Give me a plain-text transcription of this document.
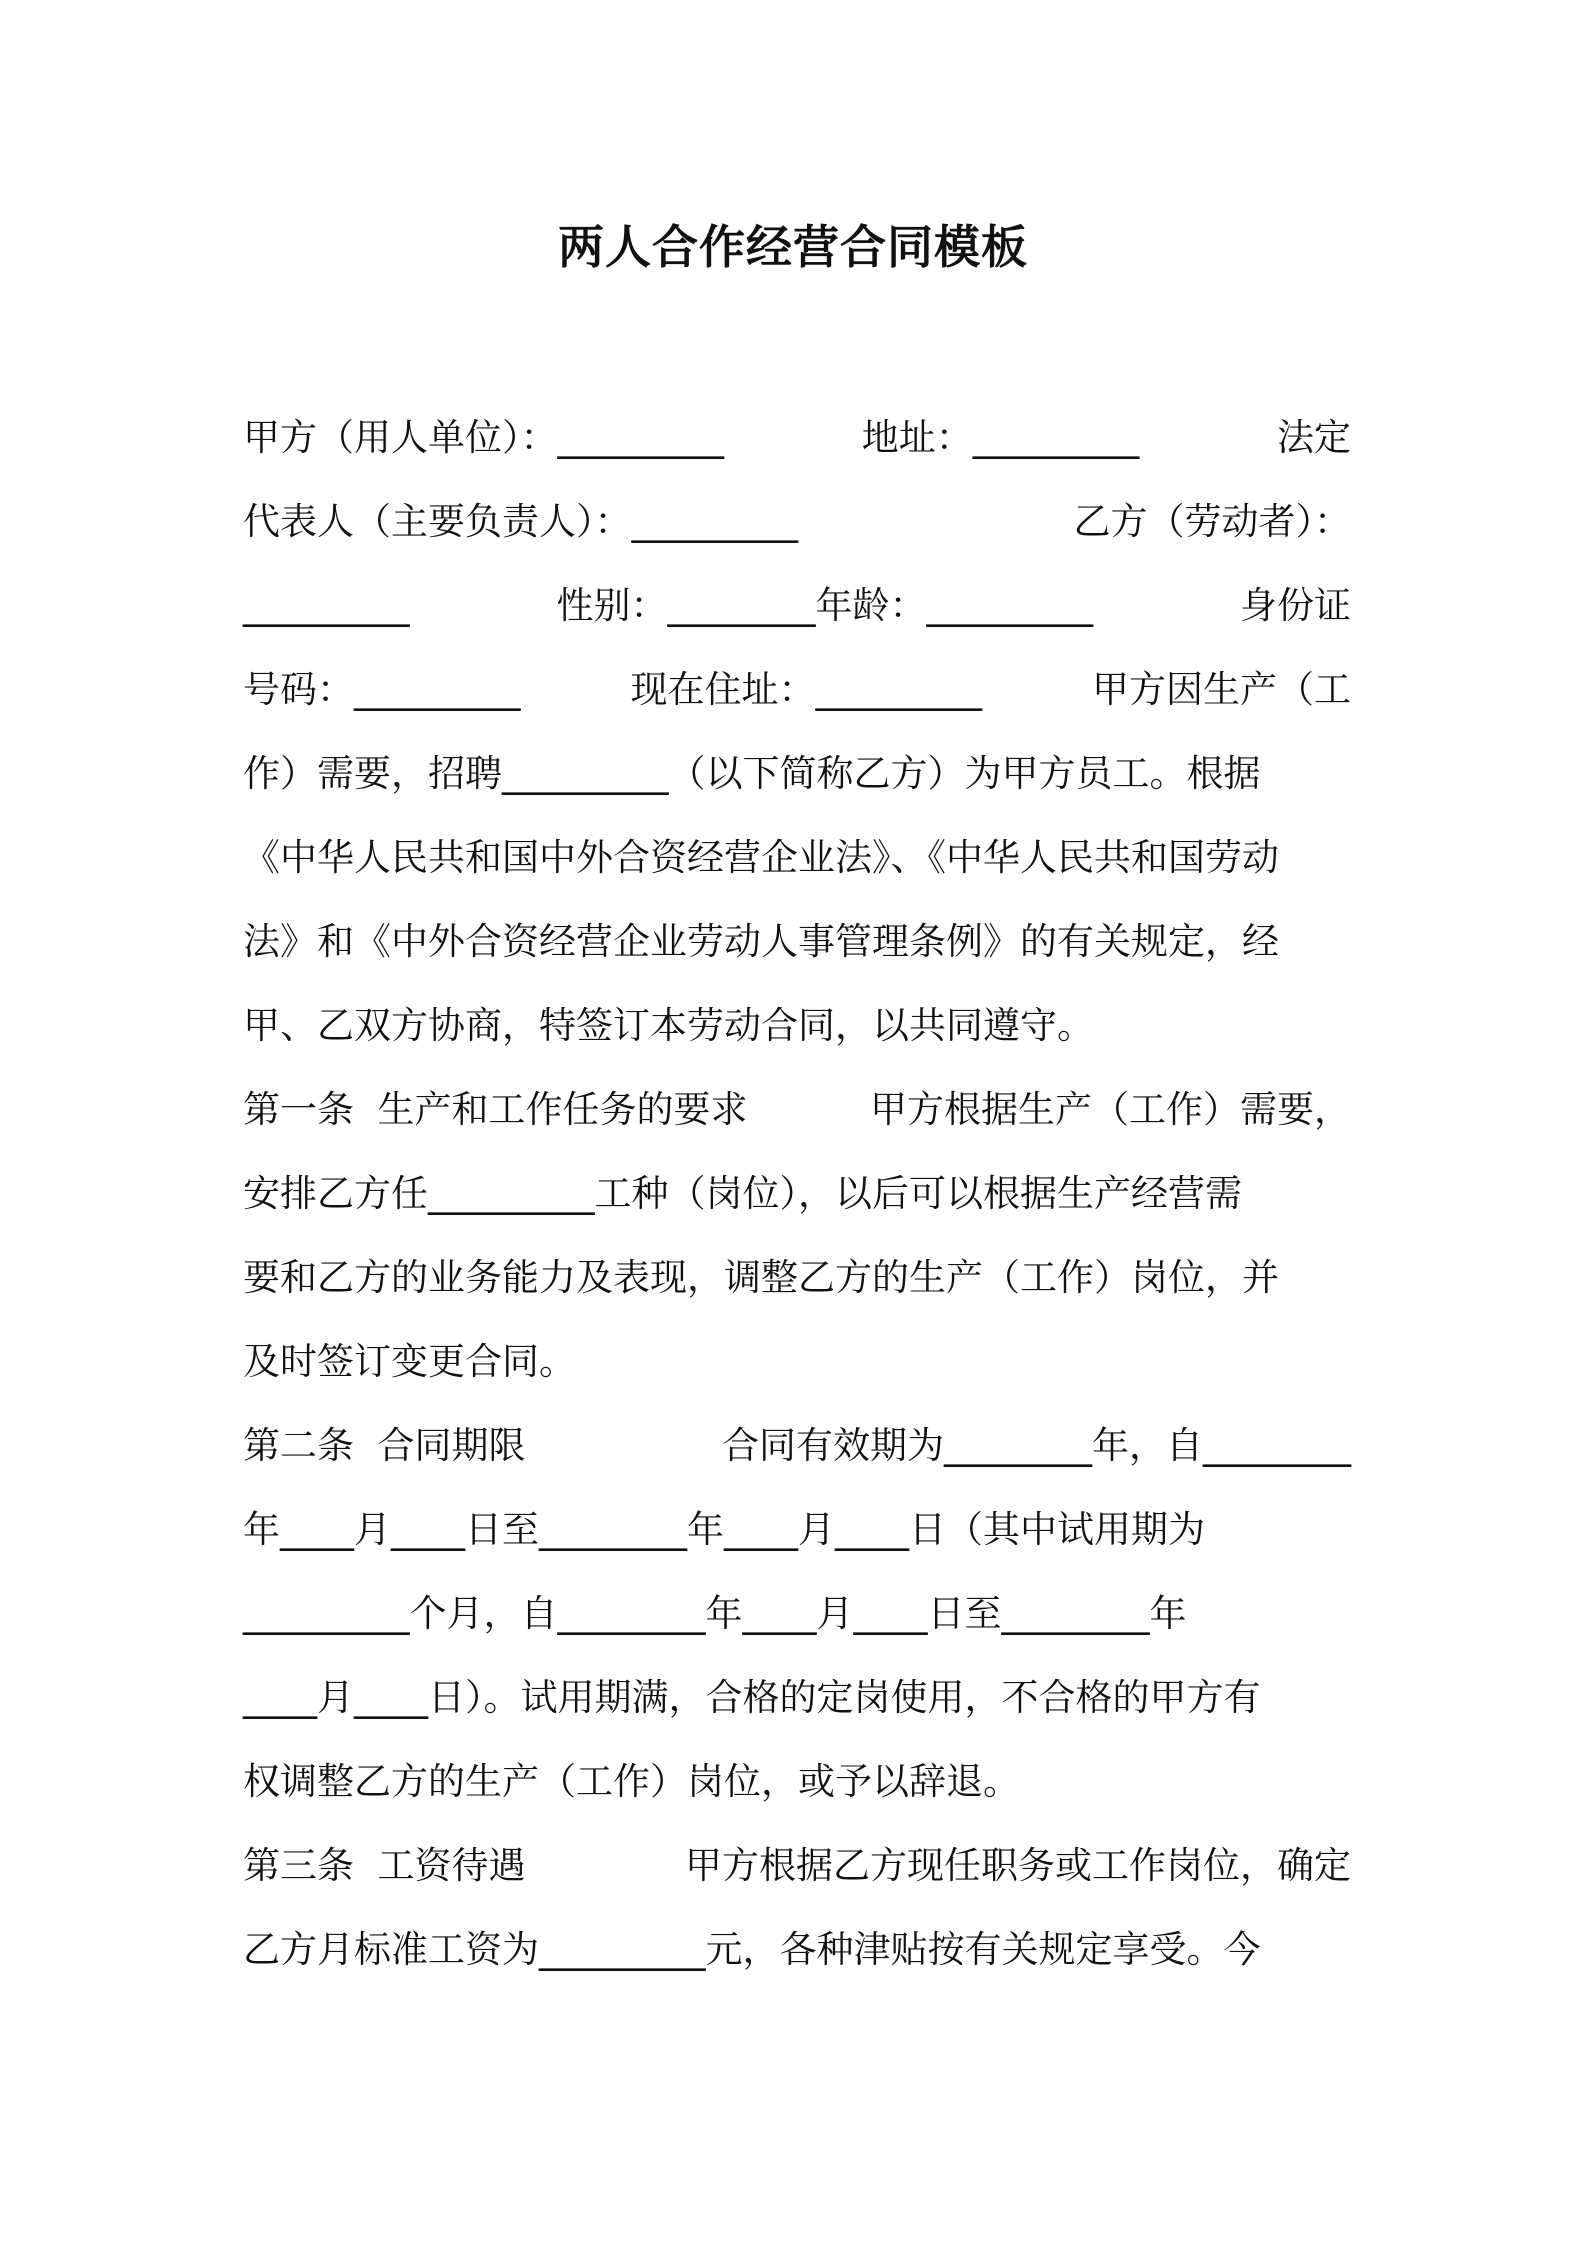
两人合作经营合同模板
甲方（用人单位）：_________	地址：_________	法定
代表人（主要负责人）：_________	乙方（劳动者）：
_________	性别：________年龄：_________	身份证
号码：_________	现在住址：_________	甲方因生产（工
作）需要，招聘_________（以下简称乙方）为甲方员工。根据
《中华人民共和国中外合资经营企业法》、《中华人民共和国劳动
法》和《中外合资经营企业劳动人事管理条例》的有关规定，经
甲、乙双方协商，特签订本劳动合同，以共同遵守。
第一条  生产和工作任务的要求	甲方根据生产（工作）需要，
安排乙方任_________工种（岗位），以后可以根据生产经营需
要和乙方的业务能力及表现，调整乙方的生产（工作）岗位，并
及时签订变更合同。
第二条  合同期限	合同有效期为________年，自________
年____月____日至________年____月____日（其中试用期为
_________个月，自________年____月____日至________年
____月____日）。试用期满，合格的定岗使用，不合格的甲方有
权调整乙方的生产（工作）岗位，或予以辞退。
第三条  工资待遇	甲方根据乙方现任职务或工作岗位，确定
乙方月标准工资为_________元，各种津贴按有关规定享受。今
